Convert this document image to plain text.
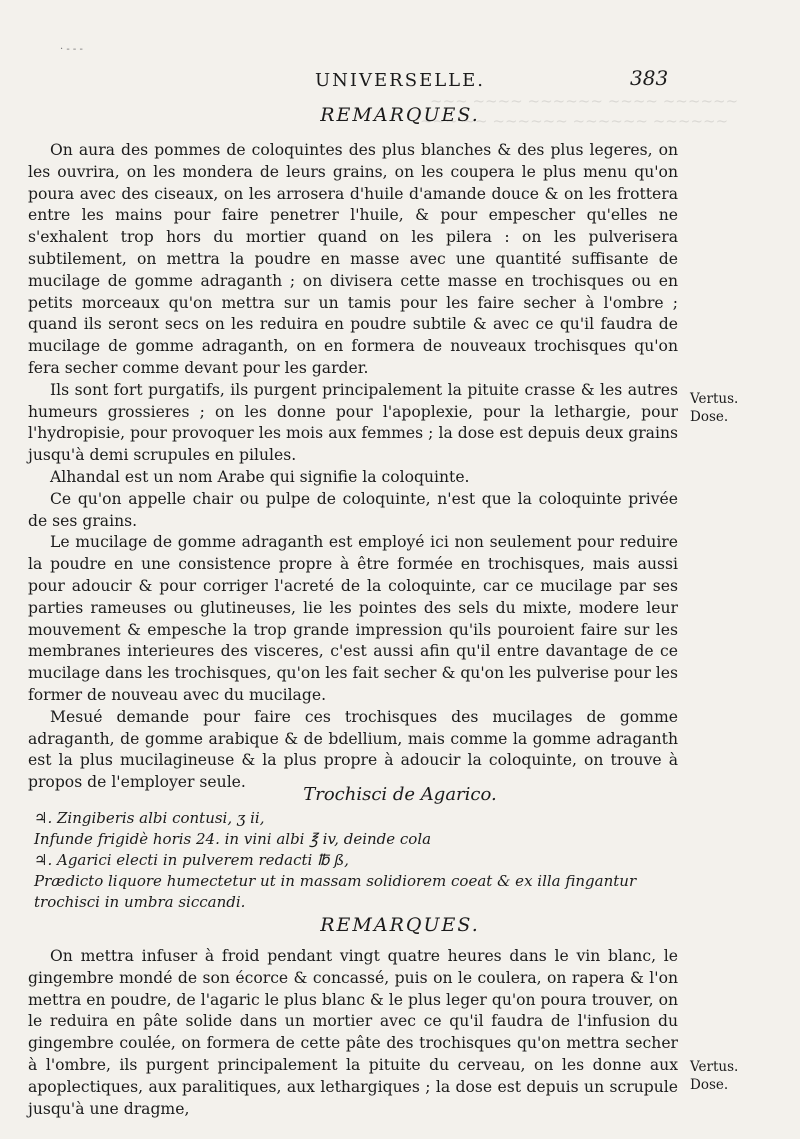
· - - -
~~~ ~~~~ ~~~~~~ ~~~~ ~~~~~~
~~~ ~~ ~~~~~~ ~~~~~~ ~~~~~~
UNIVERSELLE.	383
REMARQUES.

On aura des pommes de coloquintes des plus blanches & des plus legeres, on les ouvrira, on les mondera de leurs grains, on les coupera le plus menu qu'on poura avec des ciseaux, on les arrosera d'huile d'amande douce & on les frottera entre les mains pour faire penetrer l'huile, & pour empescher qu'elles ne s'exhalent trop hors du mortier quand on les pilera : on les pulverisera subtilement, on mettra la poudre en masse avec une quantité suffisante de mucilage de gomme adraganth ; on divisera cette masse en trochisques ou en petits morceaux qu'on mettra sur un tamis pour les faire secher à l'ombre ; quand ils seront secs on les reduira en poudre subtile & avec ce qu'il faudra de mucilage de gomme adraganth, on en formera de nouveaux trochisques qu'on fera secher comme devant pour les garder.

Ils sont fort purgatifs, ils purgent principalement la pituite crasse & les autres humeurs grossieres ; on les donne pour l'apoplexie, pour la lethargie, pour l'hydropisie, pour provoquer les mois aux femmes ; la dose est depuis deux grains jusqu'à demi scrupules en pilules.

Alhandal est un nom Arabe qui signifie la coloquinte.

Ce qu'on appelle chair ou pulpe de coloquinte, n'est que la coloquinte privée de ses grains.

Le mucilage de gomme adraganth est employé ici non seulement pour reduire la poudre en une consistence propre à être formée en trochisques, mais aussi pour adoucir & pour corriger l'acreté de la coloquinte, car ce mucilage par ses parties rameuses ou glutineuses, lie les pointes des sels du mixte, modere leur mouvement & empesche la trop grande impression qu'ils pouroient faire sur les membranes interieures des visceres, c'est aussi afin qu'il entre davantage de ce mucilage dans les trochisques, qu'on les fait secher & qu'on les pulverise pour les former de nouveau avec du mucilage.

Mesué demande pour faire ces trochisques des mucilages de gomme adraganth, de gomme arabique & de bdellium, mais comme la gomme adraganth est la plus mucilagineuse & la plus propre à adoucir la coloquinte, on trouve à propos de l'employer seule.

Vertus.
Dose.
Trochisci de Agarico.
♃. Zingiberis albi contusi, ʒ ii,
Infunde frigidè horis 24. in vini albi ℥ iv, deinde cola
♃. Agarici electi in pulverem redacti ℔ ß,
Prædicto liquore humectetur ut in massam solidiorem coeat & ex illa fingantur trochisci in umbra siccandi.
REMARQUES.

On mettra infuser à froid pendant vingt quatre heures dans le vin blanc, le gingembre mondé de son écorce & concassé, puis on le coulera, on rapera & l'on mettra en poudre, de l'agaric le plus blanc & le plus leger qu'on poura trouver, on le reduira en pâte solide dans un mortier avec ce qu'il faudra de l'infusion du gingembre coulée, on formera de cette pâte des trochisques qu'on mettra secher à l'ombre, ils purgent principalement la pituite du cerveau, on les donne aux apoplectiques, aux paralitiques, aux lethargiques ; la dose est depuis un scrupule jusqu'à une dragme,

Vertus.
Dose.
